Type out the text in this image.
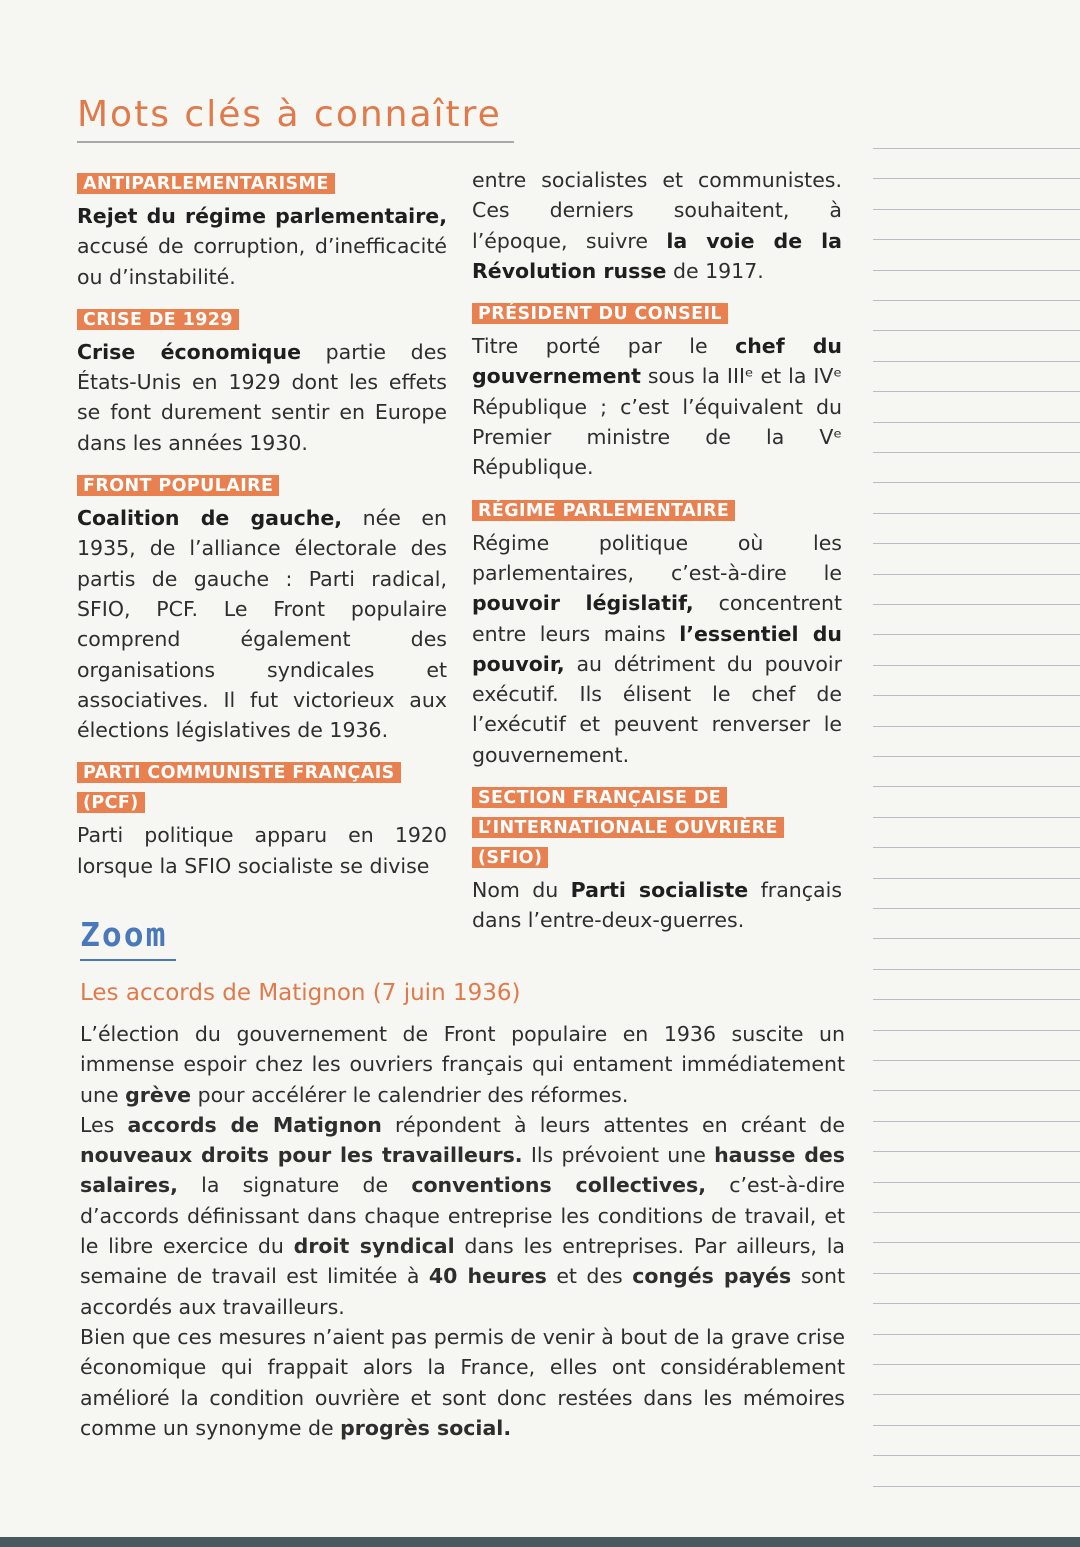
Mots clés à connaître

ANTIPARLEMENTARISME

Rejet du régime parlementaire, accusé de corruption, d’inefficacité ou d’instabilité.

CRISE DE 1929

Crise économique partie des États-Unis en 1929 dont les effets se font durement sentir en Europe dans les années 1930.

FRONT POPULAIRE

Coalition de gauche, née en 1935, de l’alliance électorale des partis de gauche : Parti radical, SFIO, PCF. Le Front populaire comprend également des organisations syndicales et associatives. Il fut victorieux aux élections législatives de 1936.

PARTI COMMUNISTE FRANÇAIS
(PCF)

Parti politique apparu en 1920 lorsque la SFIO socialiste se divise

entre socialistes et communistes. Ces derniers souhaitent, à l’époque, suivre la voie de la Révolution russe de 1917.

PRÉSIDENT DU CONSEIL

Titre porté par le chef du gouvernement sous la IIIᵉ et la IVᵉ République ; c’est l’équivalent du Premier ministre de la Vᵉ République.

RÉGIME PARLEMENTAIRE

Régime politique où les parlementaires, c’est-à-dire le pouvoir législatif, concentrent entre leurs mains l’essentiel du pouvoir, au détriment du pouvoir exécutif. Ils élisent le chef de l’exécutif et peuvent renverser le gouvernement.

SECTION FRANÇAISE DE
L’INTERNATIONALE OUVRIÈRE (SFIO)

Nom du Parti socialiste français dans l’entre-deux-guerres.

Zoom

Les accords de Matignon (7 juin 1936)

L’élection du gouvernement de Front populaire en 1936 suscite un immense espoir chez les ouvriers français qui entament immédiatement une grève pour accélérer le calendrier des réformes.

Les accords de Matignon répondent à leurs attentes en créant de nouveaux droits pour les travailleurs. Ils prévoient une hausse des salaires, la signature de conventions collectives, c’est-à-dire d’accords définissant dans chaque entreprise les conditions de travail, et le libre exercice du droit syndical dans les entreprises. Par ailleurs, la semaine de travail est limitée à 40 heures et des congés payés sont accordés aux travailleurs.

Bien que ces mesures n’aient pas permis de venir à bout de la grave crise économique qui frappait alors la France, elles ont considérablement amélioré la condition ouvrière et sont donc restées dans les mémoires comme un synonyme de progrès social.
